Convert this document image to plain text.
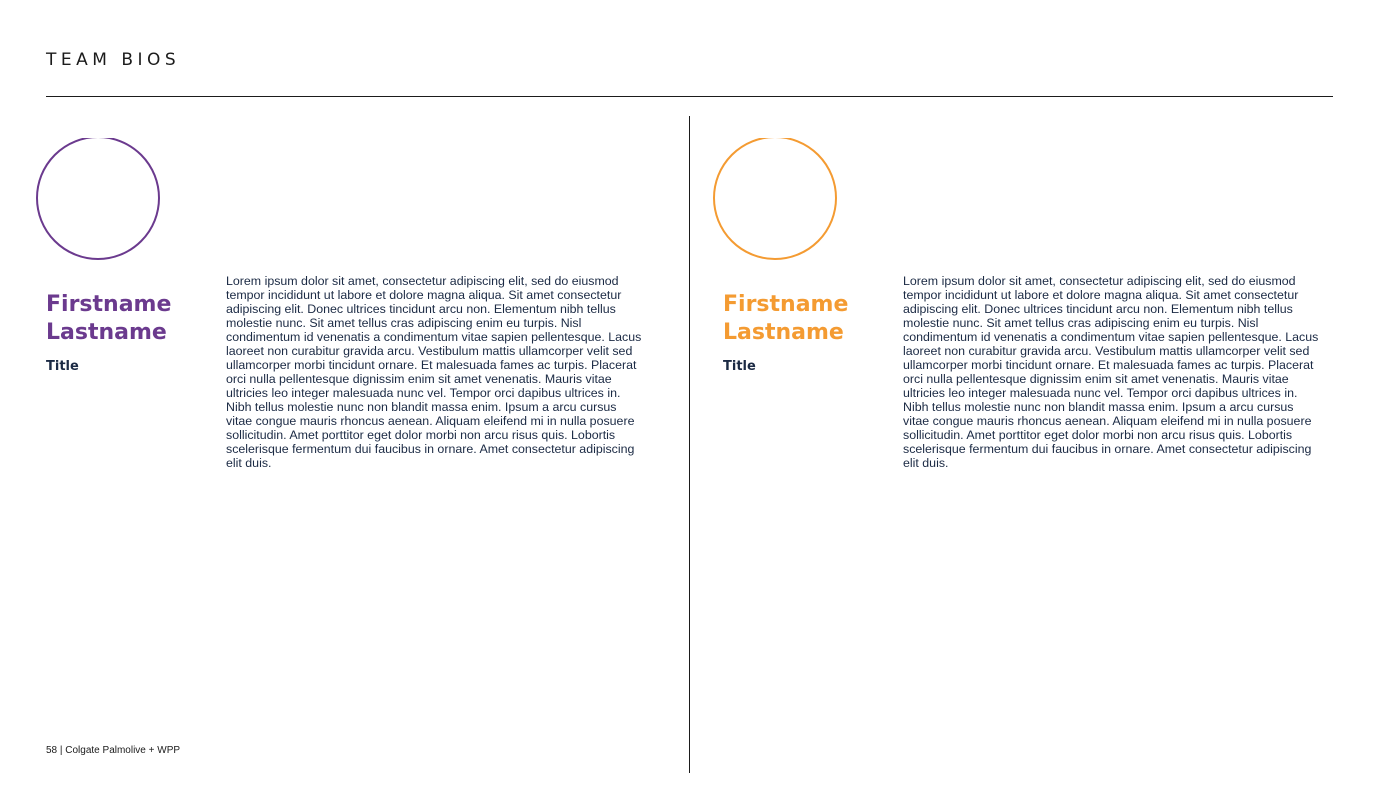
TEAM BIOS
Firstname
Lastname
Title

Lorem ipsum dolor sit amet, consectetur adipiscing elit, sed do eiusmod tempor incididunt ut labore et dolore magna aliqua. Sit amet consectetur adipiscing elit. Donec ultrices tincidunt arcu non. Elementum nibh tellus molestie nunc. Sit amet tellus cras adipiscing enim eu turpis. Nisl condimentum id venenatis a condimentum vitae sapien pellentesque. Lacus laoreet non curabitur gravida arcu. Vestibulum mattis ullamcorper velit sed ullamcorper morbi tincidunt ornare. Et malesuada fames ac turpis. Placerat orci nulla pellentesque dignissim enim sit amet venenatis. Mauris vitae ultricies leo integer malesuada nunc vel. Tempor orci dapibus ultrices in. Nibh tellus molestie nunc non blandit massa enim. Ipsum a arcu cursus vitae congue mauris rhoncus aenean. Aliquam eleifend mi in nulla posuere sollicitudin. Amet porttitor eget dolor morbi non arcu risus quis. Lobortis scelerisque fermentum dui faucibus in ornare. Amet consectetur adipiscing elit duis.

Firstname
Lastname
Title

Lorem ipsum dolor sit amet, consectetur adipiscing elit, sed do eiusmod tempor incididunt ut labore et dolore magna aliqua. Sit amet consectetur adipiscing elit. Donec ultrices tincidunt arcu non. Elementum nibh tellus molestie nunc. Sit amet tellus cras adipiscing enim eu turpis. Nisl condimentum id venenatis a condimentum vitae sapien pellentesque. Lacus laoreet non curabitur gravida arcu. Vestibulum mattis ullamcorper velit sed ullamcorper morbi tincidunt ornare. Et malesuada fames ac turpis. Placerat orci nulla pellentesque dignissim enim sit amet venenatis. Mauris vitae ultricies leo integer malesuada nunc vel. Tempor orci dapibus ultrices in. Nibh tellus molestie nunc non blandit massa enim. Ipsum a arcu cursus vitae congue mauris rhoncus aenean. Aliquam eleifend mi in nulla posuere sollicitudin. Amet porttitor eget dolor morbi non arcu risus quis. Lobortis scelerisque fermentum dui faucibus in ornare. Amet consectetur adipiscing elit duis.

58 | Colgate Palmolive + WPP
